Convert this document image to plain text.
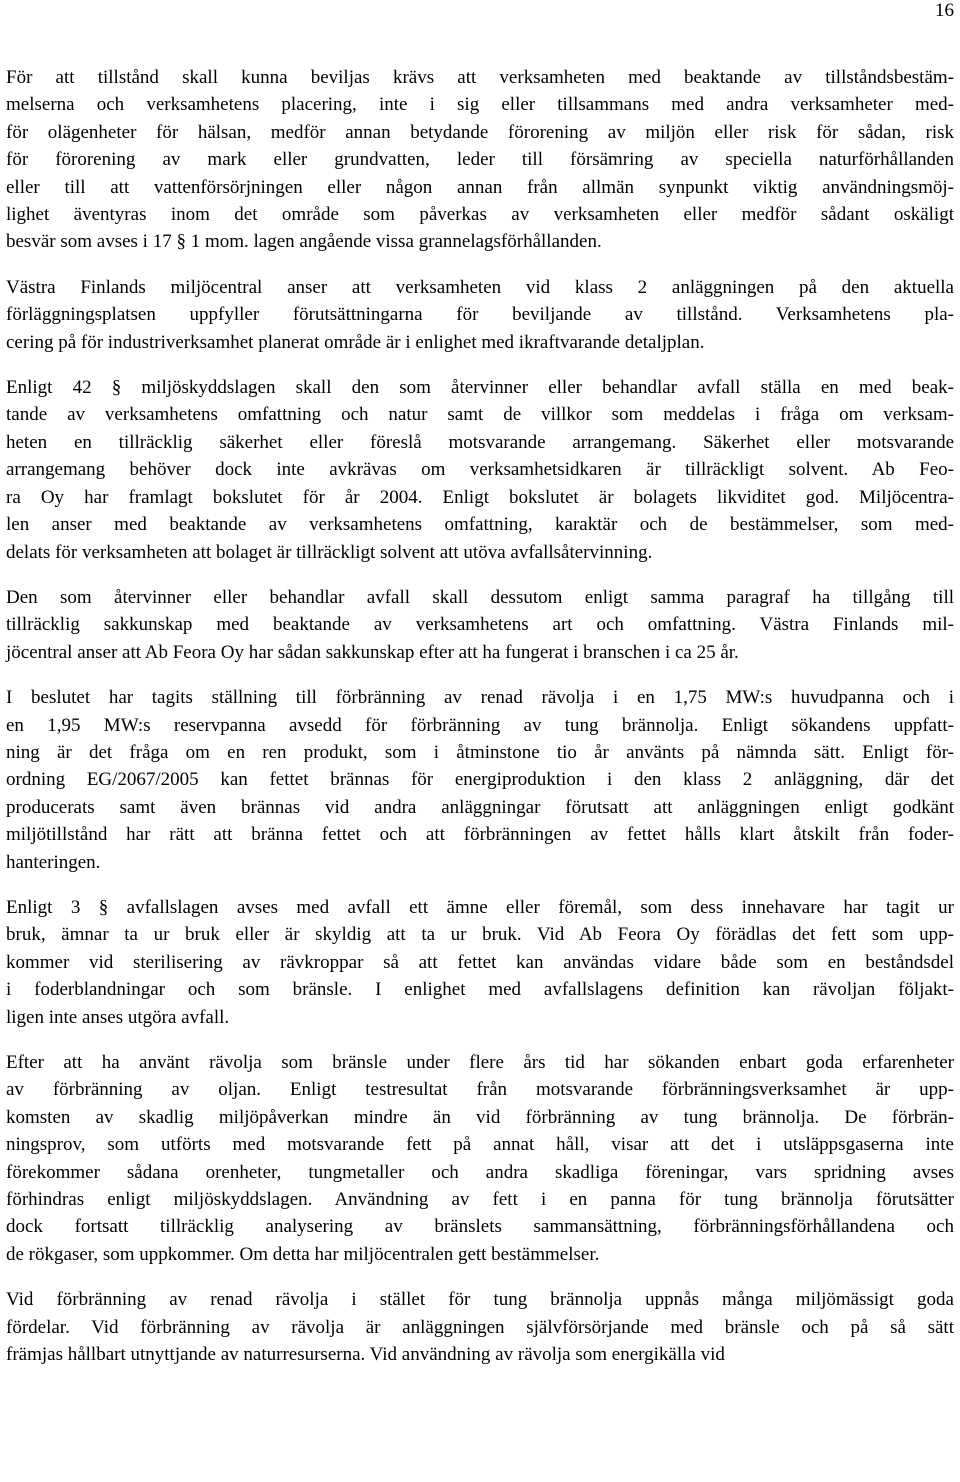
16
För att tillstånd skall kunna beviljas krävs att verksamheten med beaktande av tillståndsbestäm-
melserna och verksamhetens placering, inte i sig eller tillsammans med andra verksamheter med-
för olägenheter för hälsan, medför annan betydande förorening av miljön eller risk för sådan, risk
för förorening av mark eller grundvatten, leder till försämring av speciella naturförhållanden
eller till att vattenförsörjningen eller någon annan från allmän synpunkt viktig användningsmöj-
lighet äventyras inom det område som påverkas av verksamheten eller medför sådant oskäligt
besvär som avses i 17 § 1 mom. lagen angående vissa grannelagsförhållanden.
Västra Finlands miljöcentral anser att verksamheten vid klass 2 anläggningen på den aktuella
förläggningsplatsen uppfyller förutsättningarna för beviljande av tillstånd. Verksamhetens pla-
cering på för industriverksamhet planerat område är i enlighet med ikraftvarande detaljplan.
Enligt 42 § miljöskyddslagen skall den som återvinner eller behandlar avfall ställa en med beak-
tande av verksamhetens omfattning och natur samt de villkor som meddelas i fråga om verksam-
heten en tillräcklig säkerhet eller föreslå motsvarande arrangemang. Säkerhet eller motsvarande
arrangemang behöver dock inte avkrävas om verksamhetsidkaren är tillräckligt solvent. Ab Feo-
ra Oy har framlagt bokslutet för år 2004. Enligt bokslutet är bolagets likviditet god. Miljöcentra-
len anser med beaktande av verksamhetens omfattning, karaktär och de bestämmelser, som med-
delats för verksamheten att bolaget är tillräckligt solvent att utöva avfallsåtervinning.
Den som återvinner eller behandlar avfall skall dessutom enligt samma paragraf ha tillgång till
tillräcklig sakkunskap med beaktande av verksamhetens art och omfattning. Västra Finlands mil-
jöcentral anser att Ab Feora Oy har sådan sakkunskap efter att ha fungerat i branschen i ca 25 år.
I beslutet har tagits ställning till förbränning av renad rävolja i en 1,75 MW:s huvudpanna och i
en 1,95 MW:s reservpanna avsedd för förbränning av tung brännolja. Enligt sökandens uppfatt-
ning är det fråga om en ren produkt, som i åtminstone tio år använts på nämnda sätt. Enligt för-
ordning EG/2067/2005 kan fettet brännas för energiproduktion i den klass 2 anläggning, där det
producerats samt även brännas vid andra anläggningar förutsatt att anläggningen enligt godkänt
miljötillstånd har rätt att bränna fettet och att förbränningen av fettet hålls klart åtskilt från foder-
hanteringen.
Enligt 3 § avfallslagen avses med avfall ett ämne eller föremål, som dess innehavare har tagit ur
bruk, ämnar ta ur bruk eller är skyldig att ta ur bruk. Vid Ab Feora Oy förädlas det fett som upp-
kommer vid sterilisering av rävkroppar så att fettet kan användas vidare både som en beståndsdel
i foderblandningar och som bränsle. I enlighet med avfallslagens definition kan rävoljan följakt-
ligen inte anses utgöra avfall.
Efter att ha använt rävolja som bränsle under flere års tid har sökanden enbart goda erfarenheter
av förbränning av oljan. Enligt testresultat från motsvarande förbränningsverksamhet är upp-
komsten av skadlig miljöpåverkan mindre än vid förbränning av tung brännolja. De förbrän-
ningsprov, som utförts med motsvarande fett på annat håll, visar att det i utsläppsgaserna inte
förekommer sådana orenheter, tungmetaller och andra skadliga föreningar, vars spridning avses
förhindras enligt miljöskyddslagen. Användning av fett i en panna för tung brännolja förutsätter
dock fortsatt tillräcklig analysering av bränslets sammansättning, förbränningsförhållandena och
de rökgaser, som uppkommer. Om detta har miljöcentralen gett bestämmelser.
Vid förbränning av renad rävolja i stället för tung brännolja uppnås många miljömässigt goda
fördelar. Vid förbränning av rävolja är anläggningen självförsörjande med bränsle och på så sätt
främjas hållbart utnyttjande av naturresurserna. Vid användning av rävolja som energikälla vid
